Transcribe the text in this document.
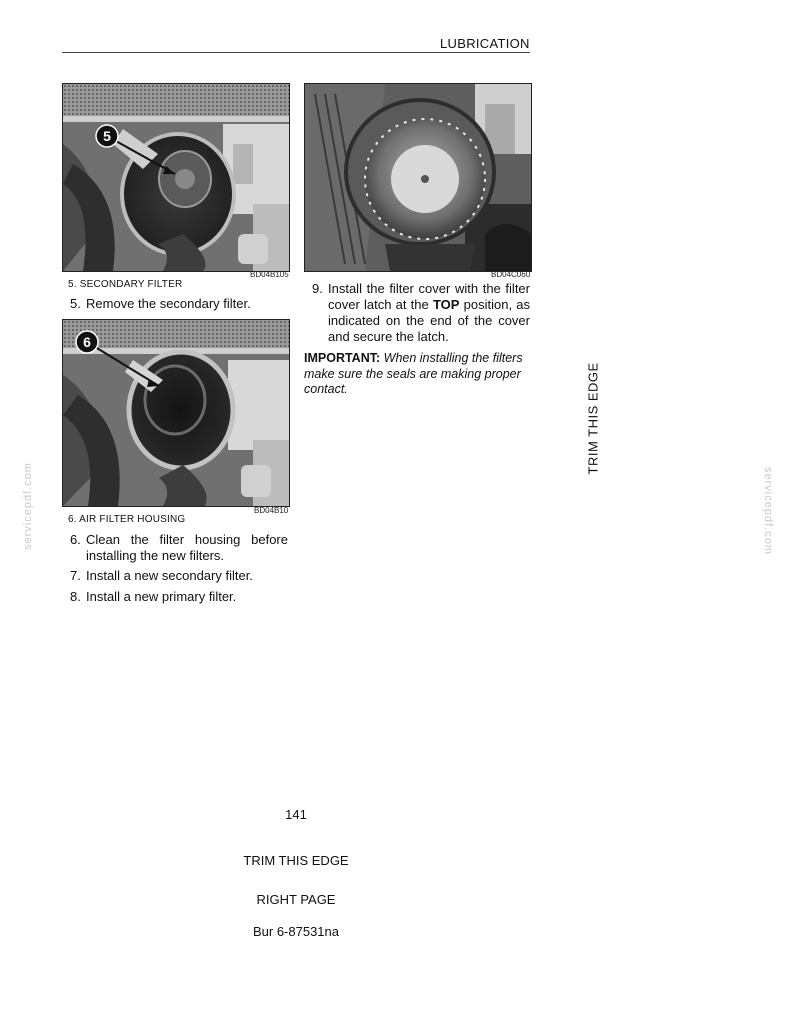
LUBRICATION
5
BD04B105
5. SECONDARY FILTER
5. Remove the secondary filter.
6
BD04B10
6. AIR FILTER HOUSING
6. Clean the filter housing before installing the new filters.
7. Install a new secondary filter.
8. Install a new primary filter.
BD04C060
9. Install the filter cover with the filter cover latch at the TOP position, as indicated on the end of the cover and secure the latch.
IMPORTANT: When installing the filters make sure the seals are making proper contact.	TRIM THIS EDGE
servicepdf.com	servicepdf.com
141
TRIM THIS EDGE
RIGHT PAGE
Bur 6-87531na
